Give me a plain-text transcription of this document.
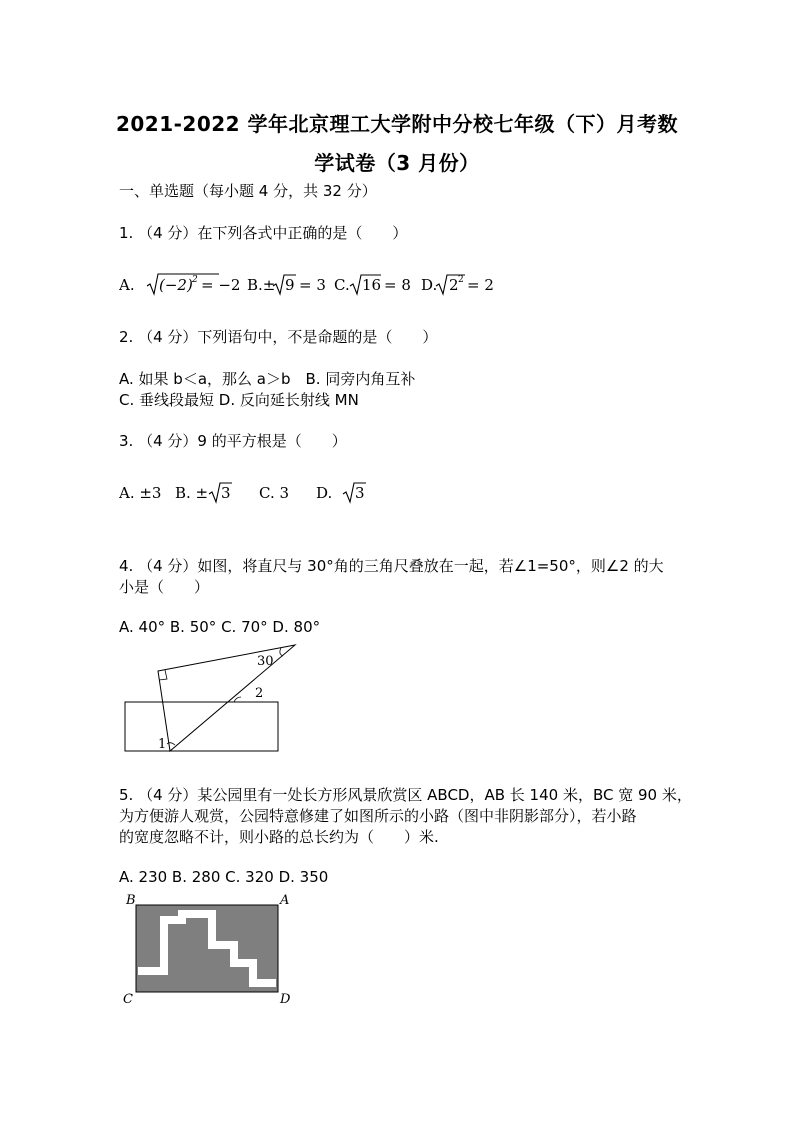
2021-2022 学年北京理工大学附中分校七年级（下）月考数
学试卷（3 月份）
一、单选题（每小题 4 分，共 32 分）
1. （4 分）在下列各式中正确的是（　　）
A. (−2) 2 = −2 B.± 9 = 3 C. 16 = 8 D. 2 2 = 2
2. （4 分）下列语句中，不是命题的是（　　）
A. 如果 b＜a，那么 a＞b　B. 同旁内角互补
C. 垂线段最短 D. 反向延长射线 MN
3. （4 分）9 的平方根是（　　）
A. ±3 B. ± 3 C. 3 D. 3
4. （4 分）如图，将直尺与 30°角的三角尺叠放在一起，若∠1=50°，则∠2 的大
小是（　　）
A. 40° B. 50° C. 70° D. 80°
30
2
1
5. （4 分）某公园里有一处长方形风景欣赏区 ABCD，AB 长 140 米，BC 宽 90 米，
为方便游人观赏，公园特意修建了如图所示的小路（图中非阴影部分），若小路
的宽度忽略不计，则小路的总长约为（　　）米.
A. 230 B. 280 C. 320 D. 350
B	A
C	D
